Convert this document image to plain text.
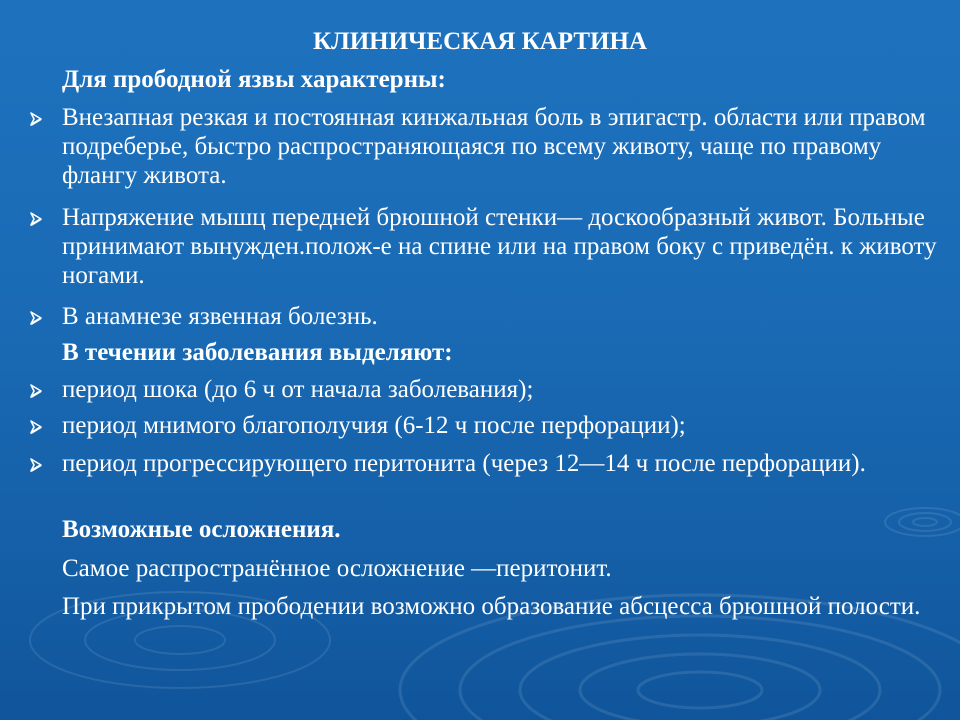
КЛИНИЧЕСКАЯ КАРТИНА
Для прободной язвы характерны:
Внезапная резкая и постоянная кинжальная боль в эпигастр. области или правом подреберье, быстро распространяющаяся по всему животу, чаще по правому флангу живота.
Напряжение мышц передней брюшной стенки— доскообразный живот. Больные принимают вынужден.полож-е на спине или на правом боку с приведён. к животу ногами.
В анамнезе язвенная болезнь.
В течении заболевания выделяют:
период шока (до 6 ч от начала заболевания);
период мнимого благополучия (6-12 ч после перфорации);
период прогрессирующего перитонита (через 12—14 ч после перфорации).
Возможные осложнения.
Самое распространённое осложнение —перитонит.
При прикрытом прободении возможно образование абсцесса брюшной полости.
